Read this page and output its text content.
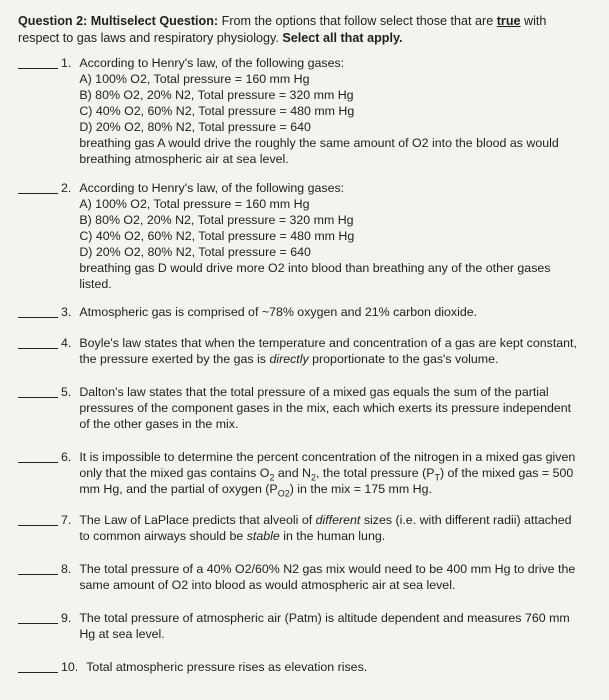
Question 2: Multiselect Question: From the options that follow select those that are true with respect to gas laws and respiratory physiology. Select all that apply.
1. According to Henry's law, of the following gases:
A) 100% O2, Total pressure = 160 mm Hg
B) 80% O2, 20% N2, Total pressure = 320 mm Hg
C) 40% O2, 60% N2, Total pressure = 480 mm Hg
D) 20% O2, 80% N2, Total pressure = 640
breathing gas A would drive the roughly the same amount of O2 into the blood as would breathing atmospheric air at sea level.
2. According to Henry's law, of the following gases:
A) 100% O2, Total pressure = 160 mm Hg
B) 80% O2, 20% N2, Total pressure = 320 mm Hg
C) 40% O2, 60% N2, Total pressure = 480 mm Hg
D) 20% O2, 80% N2, Total pressure = 640
breathing gas D would drive more O2 into blood than breathing any of the other gases listed.
3. Atmospheric gas is comprised of ~78% oxygen and 21% carbon dioxide.
4. Boyle's law states that when the temperature and concentration of a gas are kept constant, the pressure exerted by the gas is directly proportionate to the gas's volume.
5. Dalton's law states that the total pressure of a mixed gas equals the sum of the partial pressures of the component gases in the mix, each which exerts its pressure independent of the other gases in the mix.
6. It is impossible to determine the percent concentration of the nitrogen in a mixed gas given only that the mixed gas contains $O_2$ and $N_2$, the total pressure $(P_T)$ of the mixed gas = 500 mm Hg, and the partial of oxygen $(P_{O2})$ in the mix = 175 mm Hg.
7. The Law of LaPlace predicts that alveoli of different sizes (i.e. with different radii) attached to common airways should be stable in the human lung.
8. The total pressure of a 40% O2/60% N2 gas mix would need to be 400 mm Hg to drive the same amount of O2 into blood as would atmospheric air at sea level.
9. The total pressure of atmospheric air (Patm) is altitude dependent and measures 760 mm Hg at sea level.
10. Total atmospheric pressure rises as elevation rises.
